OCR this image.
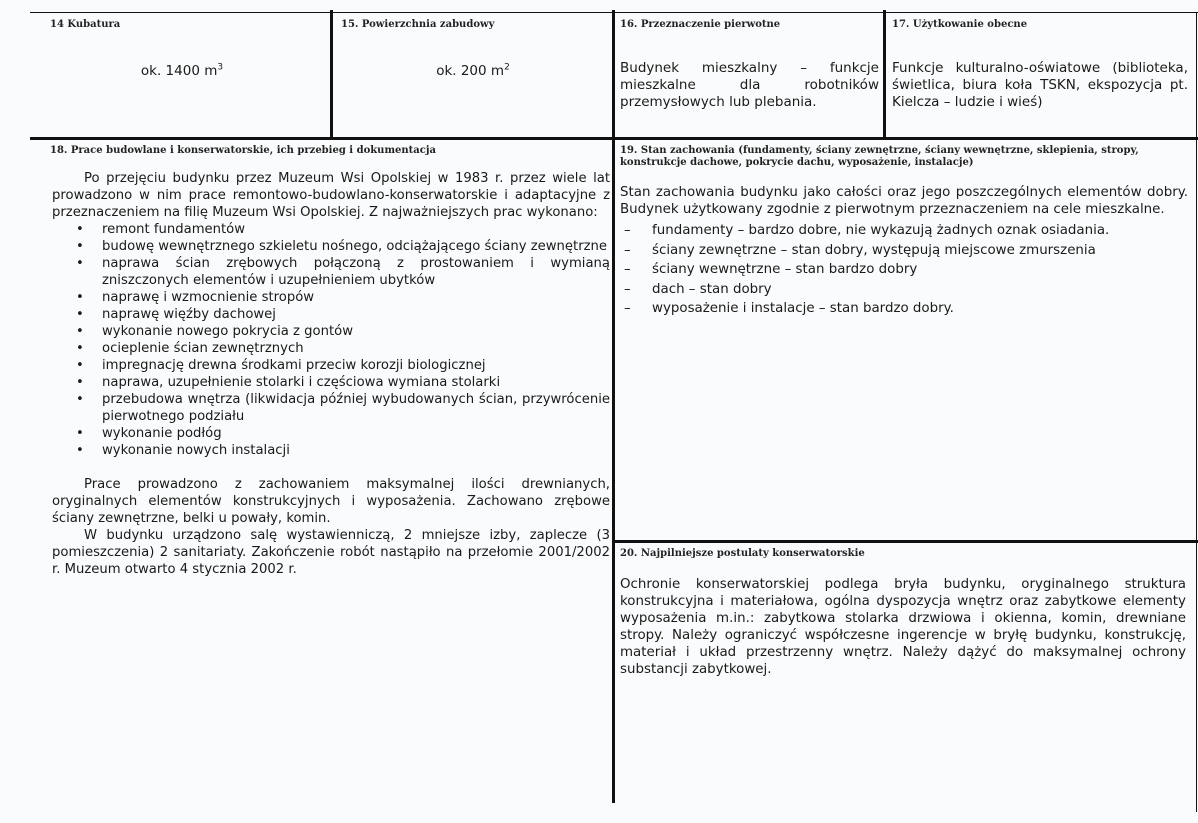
14 Kubatura
ok. 1400 $m^3$
15. Powierzchnia zabudowy
ok. 200 $m^2$
16. Przeznaczenie pierwotne
Budynek mieszkalny – funkcje mieszkalne dla robotników przemysłowych lub plebania.
17. Użytkowanie obecne
Funkcje kulturalno-oświatowe (biblioteka, świetlica, biura koła TSKN, ekspozycja pt. Kielcza – ludzie i wieś)
18. Prace budowlane i konserwatorskie, ich przebieg i dokumentacja

Po przejęciu budynku przez Muzeum Wsi Opolskiej w 1983 r. przez wiele lat prowadzono w nim prace remontowo-budowlano-konserwatorskie i adaptacyjne z przeznaczeniem na filię Muzeum Wsi Opolskiej. Z najważniejszych prac wykonano:

• remont fundamentów
• budowę wewnętrznego szkieletu nośnego, odciążającego ściany zewnętrzne
• naprawa ścian zrębowych połączoną z prostowaniem i wymianą zniszczonych elementów i uzupełnieniem ubytków
• naprawę i wzmocnienie stropów
• naprawę więźby dachowej
• wykonanie nowego pokrycia z gontów
• ocieplenie ścian zewnętrznych
• impregnację drewna środkami przeciw korozji biologicznej
• naprawa, uzupełnienie stolarki i częściowa wymiana stolarki
• przebudowa wnętrza (likwidacja później wybudowanych ścian, przywrócenie pierwotnego podziału
• wykonanie podłóg
• wykonanie nowych instalacji

Prace prowadzono z zachowaniem maksymalnej ilości drewnianych, oryginalnych elementów konstrukcyjnych i wyposażenia. Zachowano zrębowe ściany zewnętrzne, belki u powały, komin.

W budynku urządzono salę wystawienniczą, 2 mniejsze izby, zaplecze (3 pomieszczenia) 2 sanitariaty. Zakończenie robót nastąpiło na przełomie 2001/2002 r. Muzeum otwarto 4 stycznia 2002 r.

19. Stan zachowania (fundamenty, ściany zewnętrzne, ściany wewnętrzne, sklepienia, stropy, konstrukcje dachowe, pokrycie dachu, wyposażenie, instalacje)

Stan zachowania budynku jako całości oraz jego poszczególnych elementów dobry. Budynek użytkowany zgodnie z pierwotnym przeznaczeniem na cele mieszkalne.

– fundamenty – bardzo dobre, nie wykazują żadnych oznak osiadania.
– ściany zewnętrzne – stan dobry, występują miejscowe zmurszenia
– ściany wewnętrzne – stan bardzo dobry
– dach – stan dobry
– wyposażenie i instalacje – stan bardzo dobry.
20. Najpilniejsze postulaty konserwatorskie
Ochronie konserwatorskiej podlega bryła budynku, oryginalnego struktura konstrukcyjna i materiałowa, ogólna dyspozycja wnętrz oraz zabytkowe elementy wyposażenia m.in.: zabytkowa stolarka drzwiowa i okienna, komin, drewniane stropy. Należy ograniczyć współczesne ingerencje w bryłę budynku, konstrukcję, materiał i układ przestrzenny wnętrz. Należy dążyć do maksymalnej ochrony substancji zabytkowej.
